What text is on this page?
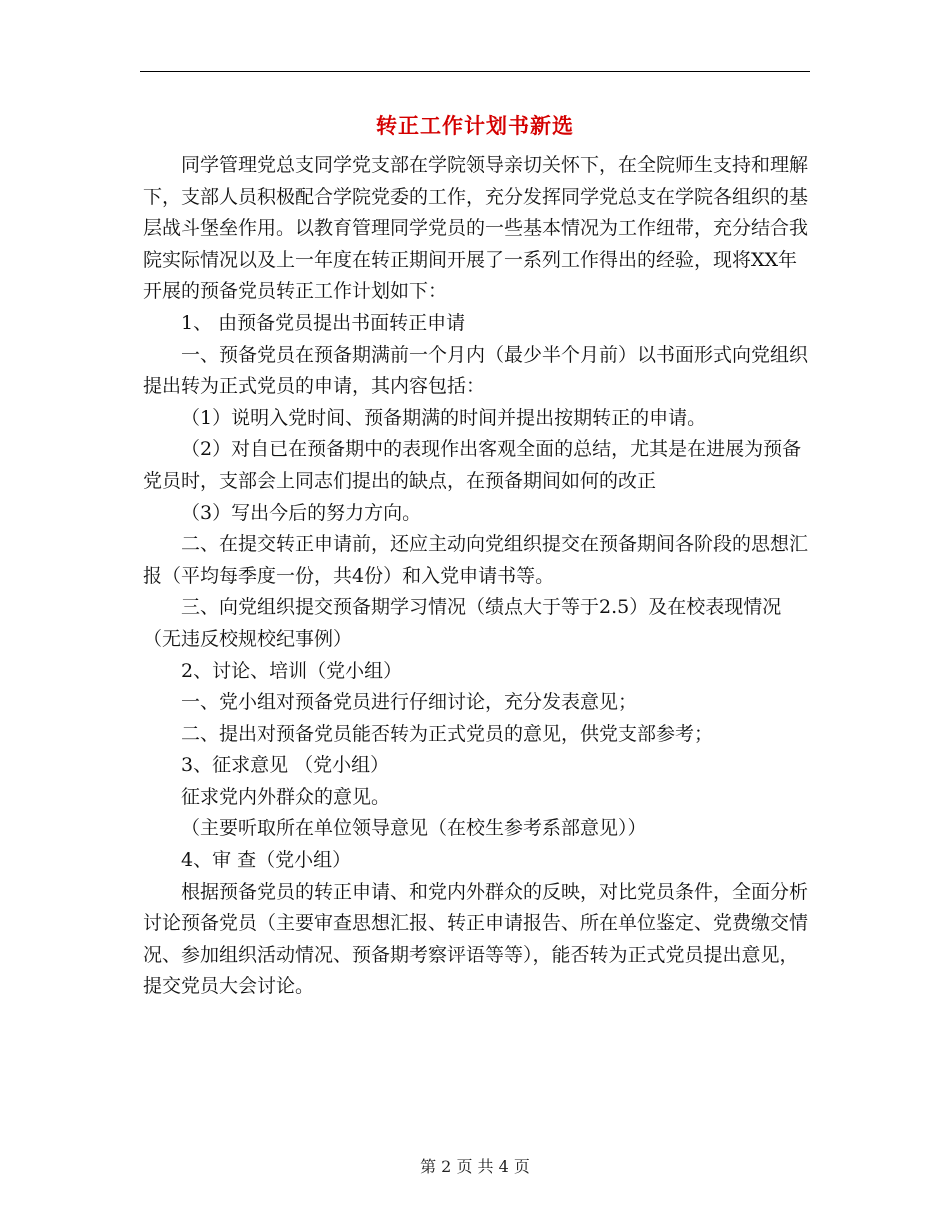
转正工作计划书新选

同学管理党总支同学党支部在学院领导亲切关怀下，在全院师生支持和理解下，支部人员积极配合学院党委的工作，充分发挥同学党总支在学院各组织的基层战斗堡垒作用。以教育管理同学党员的一些基本情况为工作纽带，充分结合我院实际情况以及上一年度在转正期间开展了一系列工作得出的经验，现将XX年开展的预备党员转正工作计划如下：

1、 由预备党员提出书面转正申请

一、预备党员在预备期满前一个月内（最少半个月前）以书面形式向党组织提出转为正式党员的申请，其内容包括：

（1）说明入党时间、预备期满的时间并提出按期转正的申请。

（2）对自已在预备期中的表现作出客观全面的总结，尤其是在进展为预备党员时，支部会上同志们提出的缺点，在预备期间如何的改正

（3）写出今后的努力方向。

二、在提交转正申请前，还应主动向党组织提交在预备期间各阶段的思想汇报（平均每季度一份，共4份）和入党申请书等。

三、向党组织提交预备期学习情况（绩点大于等于2.5）及在校表现情况（无违反校规校纪事例）

2、讨论、培训（党小组）

一、党小组对预备党员进行仔细讨论，充分发表意见；

二、提出对预备党员能否转为正式党员的意见，供党支部参考；

3、征求意见 （党小组）

征求党内外群众的意见。

（主要听取所在单位领导意见（在校生参考系部意见））

4、审 查（党小组）

根据预备党员的转正申请、和党内外群众的反映，对比党员条件，全面分析讨论预备党员（主要审查思想汇报、转正申请报告、所在单位鉴定、党费缴交情况、参加组织活动情况、预备期考察评语等等），能否转为正式党员提出意见，提交党员大会讨论。

第 2 页 共 4 页
